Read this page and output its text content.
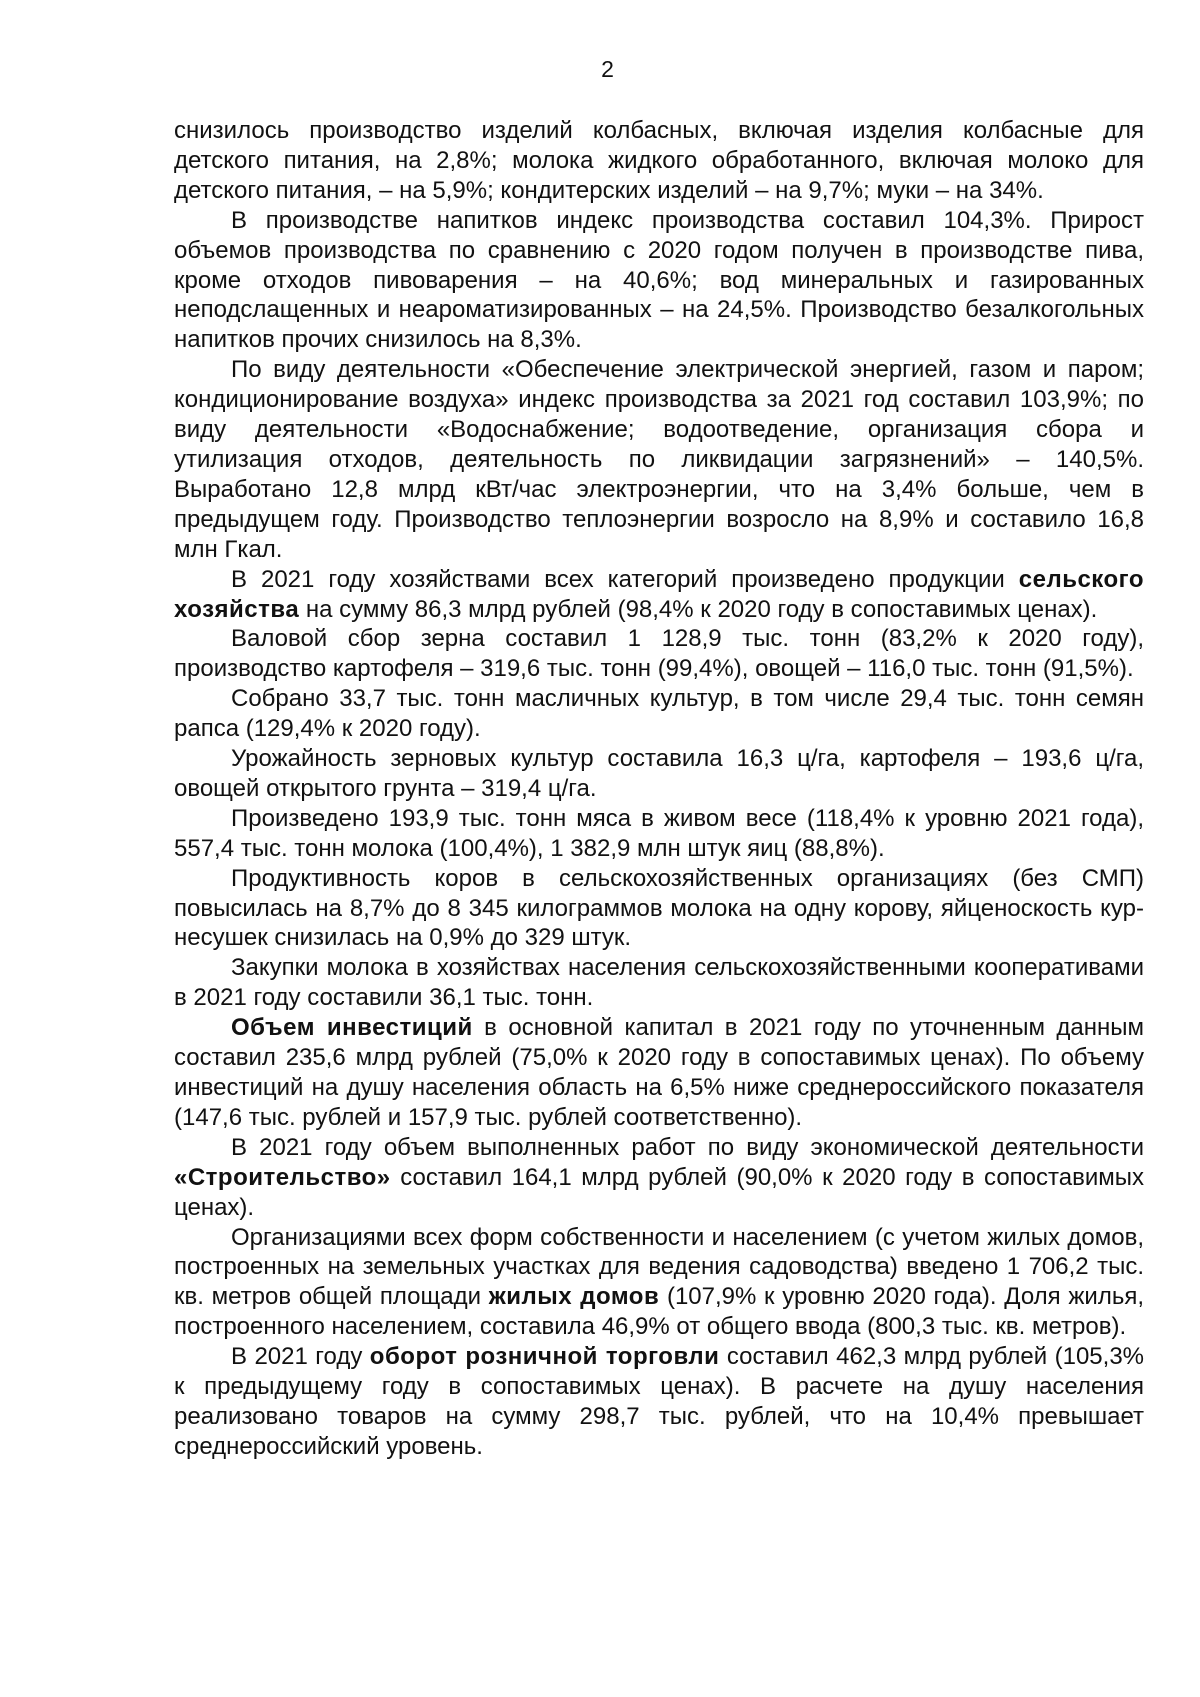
2

снизилось производство изделий колбасных, включая изделия колбасные для детского питания, на 2,8%; молока жидкого обработанного, включая молоко для детского питания, – на 5,9%; кондитерских изделий – на 9,7%; муки – на 34%.

В производстве напитков индекс производства составил 104,3%. Прирост объемов производства по сравнению с 2020 годом получен в производстве пива, кроме отходов пивоварения – на 40,6%; вод минеральных и газированных неподслащенных и неароматизированных – на 24,5%. Производство безалкогольных напитков прочих снизилось на 8,3%.

По виду деятельности «Обеспечение электрической энергией, газом и паром; кондиционирование воздуха» индекс производства за 2021 год составил 103,9%; по виду деятельности «Водоснабжение; водоотведение, организация сбора и утилизация отходов, деятельность по ликвидации загрязнений» – 140,5%. Выработано 12,8 млрд кВт/час электроэнергии, что на 3,4% больше, чем в предыдущем году. Производство теплоэнергии возросло на 8,9% и составило 16,8 млн Гкал.

В 2021 году хозяйствами всех категорий произведено продукции сельского хозяйства на сумму 86,3 млрд рублей (98,4% к 2020 году в сопоставимых ценах).

Валовой сбор зерна составил 1 128,9 тыс. тонн (83,2% к 2020 году), производство картофеля – 319,6 тыс. тонн (99,4%), овощей – 116,0 тыс. тонн (91,5%).

Собрано 33,7 тыс. тонн масличных культур, в том числе 29,4 тыс. тонн семян рапса (129,4% к 2020 году).

Урожайность зерновых культур составила 16,3 ц/га, картофеля – 193,6 ц/га, овощей открытого грунта – 319,4 ц/га.

Произведено 193,9 тыс. тонн мяса в живом весе (118,4% к уровню 2021 года), 557,4 тыс. тонн молока (100,4%), 1 382,9 млн штук яиц (88,8%).

Продуктивность коров в сельскохозяйственных организациях (без СМП) повысилась на 8,7% до 8 345 килограммов молока на одну корову, яйценоскость кур-несушек снизилась на 0,9% до 329 штук.

Закупки молока в хозяйствах населения сельскохозяйственными кооперативами в 2021 году составили 36,1 тыс. тонн.

Объем инвестиций в основной капитал в 2021 году по уточненным данным составил 235,6 млрд рублей (75,0% к 2020 году в сопоставимых ценах). По объему инвестиций на душу населения область на 6,5% ниже среднероссийского показателя (147,6 тыс. рублей и 157,9 тыс. рублей соответственно).

В 2021 году объем выполненных работ по виду экономической деятельности «Строительство» составил 164,1 млрд рублей (90,0% к 2020 году в сопоставимых ценах).

Организациями всех форм собственности и населением (с учетом жилых домов, построенных на земельных участках для ведения садоводства) введено 1 706,2 тыс. кв. метров общей площади жилых домов (107,9% к уровню 2020 года). Доля жилья, построенного населением, составила 46,9% от общего ввода (800,3 тыс. кв. метров).

В 2021 году оборот розничной торговли составил 462,3 млрд рублей (105,3% к предыдущему году в сопоставимых ценах). В расчете на душу населения реализовано товаров на сумму 298,7 тыс. рублей, что на 10,4% превышает среднероссийский уровень.
